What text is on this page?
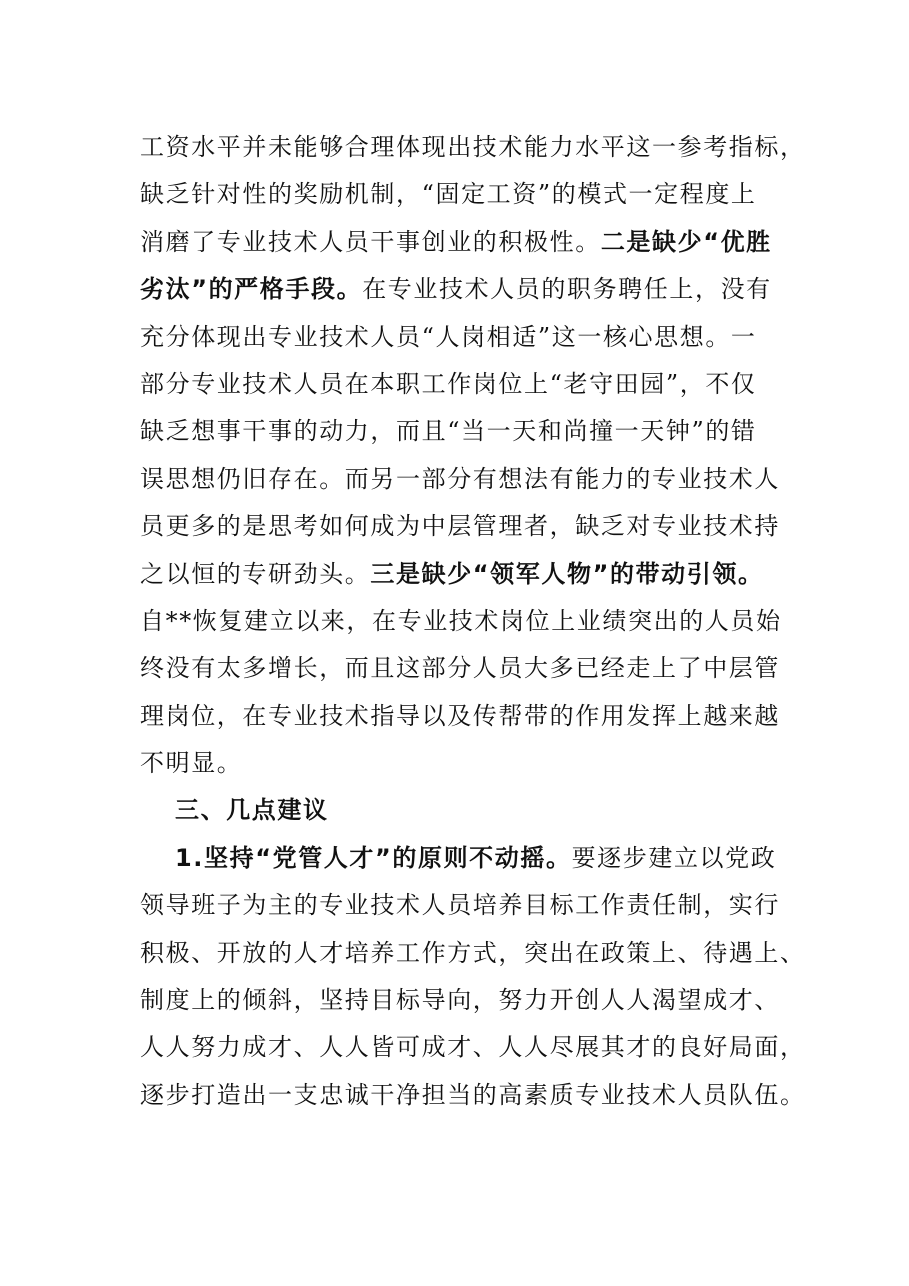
工资水平并未能够合理体现出技术能力水平这一参考指标，
缺乏针对性的奖励机制，“固定工资”的模式一定程度上
消磨了专业技术人员干事创业的积极性。二是缺少“优胜
劣汰”的严格手段。在专业技术人员的职务聘任上，没有
充分体现出专业技术人员“人岗相适”这一核心思想。一
部分专业技术人员在本职工作岗位上“老守田园”，不仅
缺乏想事干事的动力，而且“当一天和尚撞一天钟”的错
误思想仍旧存在。而另一部分有想法有能力的专业技术人
员更多的是思考如何成为中层管理者，缺乏对专业技术持
之以恒的专研劲头。三是缺少“领军人物”的带动引领。
自**恢复建立以来，在专业技术岗位上业绩突出的人员始
终没有太多增长，而且这部分人员大多已经走上了中层管
理岗位，在专业技术指导以及传帮带的作用发挥上越来越
不明显。
三、几点建议
1.坚持“党管人才”的原则不动摇。要逐步建立以党政
领导班子为主的专业技术人员培养目标工作责任制，实行
积极、开放的人才培养工作方式，突出在政策上、待遇上、
制度上的倾斜，坚持目标导向，努力开创人人渴望成才、
人人努力成才、人人皆可成才、人人尽展其才的良好局面，
逐步打造出一支忠诚干净担当的高素质专业技术人员队伍。
